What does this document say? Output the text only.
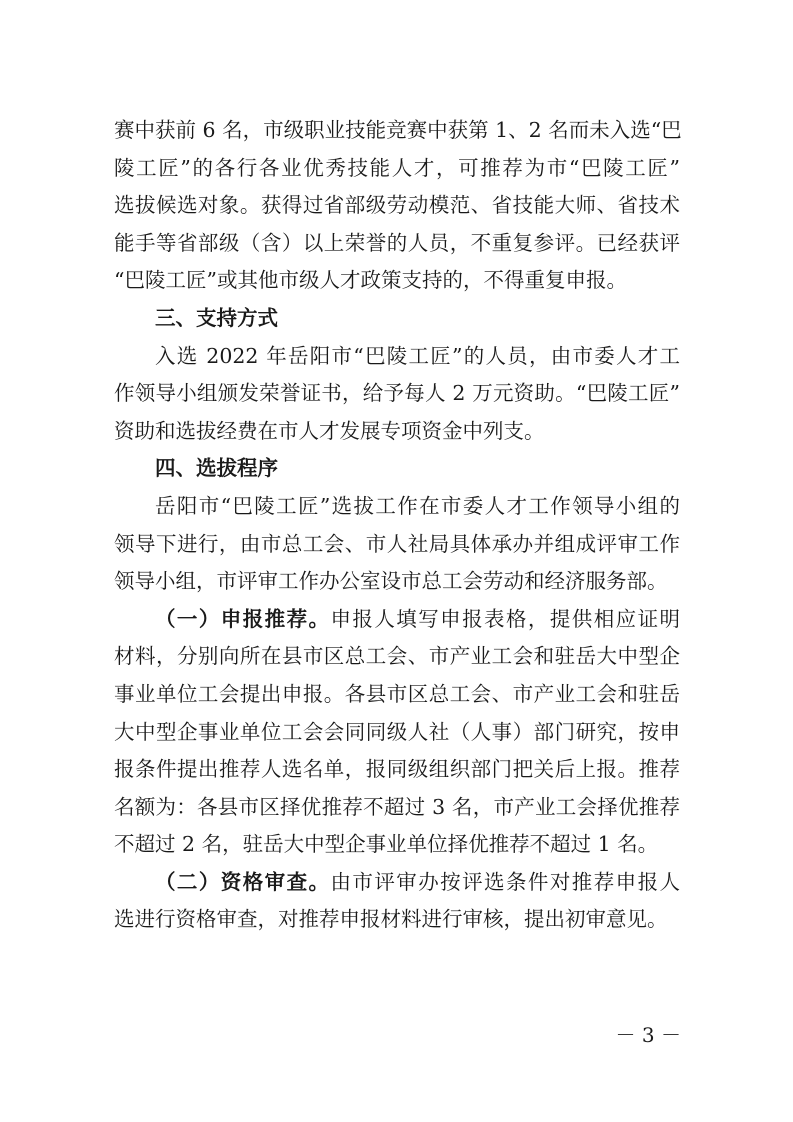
赛中获前 6 名，市级职业技能竞赛中获第 1、2 名而未入选“巴
陵工匠”的各行各业优秀技能人才，可推荐为市“巴陵工匠”
选拔候选对象。获得过省部级劳动模范、省技能大师、省技术
能手等省部级（含）以上荣誉的人员，不重复参评。已经获评
“巴陵工匠”或其他市级人才政策支持的，不得重复申报。
三、支持方式
入选 2022 年岳阳市“巴陵工匠”的人员，由市委人才工
作领导小组颁发荣誉证书，给予每人 2 万元资助。“巴陵工匠”
资助和选拔经费在市人才发展专项资金中列支。
四、选拔程序
岳阳市“巴陵工匠”选拔工作在市委人才工作领导小组的
领导下进行，由市总工会、市人社局具体承办并组成评审工作
领导小组，市评审工作办公室设市总工会劳动和经济服务部。
（一）申报推荐。申报人填写申报表格，提供相应证明
材料，分别向所在县市区总工会、市产业工会和驻岳大中型企
事业单位工会提出申报。各县市区总工会、市产业工会和驻岳
大中型企事业单位工会会同同级人社（人事）部门研究，按申
报条件提出推荐人选名单，报同级组织部门把关后上报。推荐
名额为：各县市区择优推荐不超过 3 名，市产业工会择优推荐
不超过 2 名，驻岳大中型企事业单位择优推荐不超过 1 名。
（二）资格审查。由市评审办按评选条件对推荐申报人
选进行资格审查，对推荐申报材料进行审核，提出初审意见。
－ 3 －
